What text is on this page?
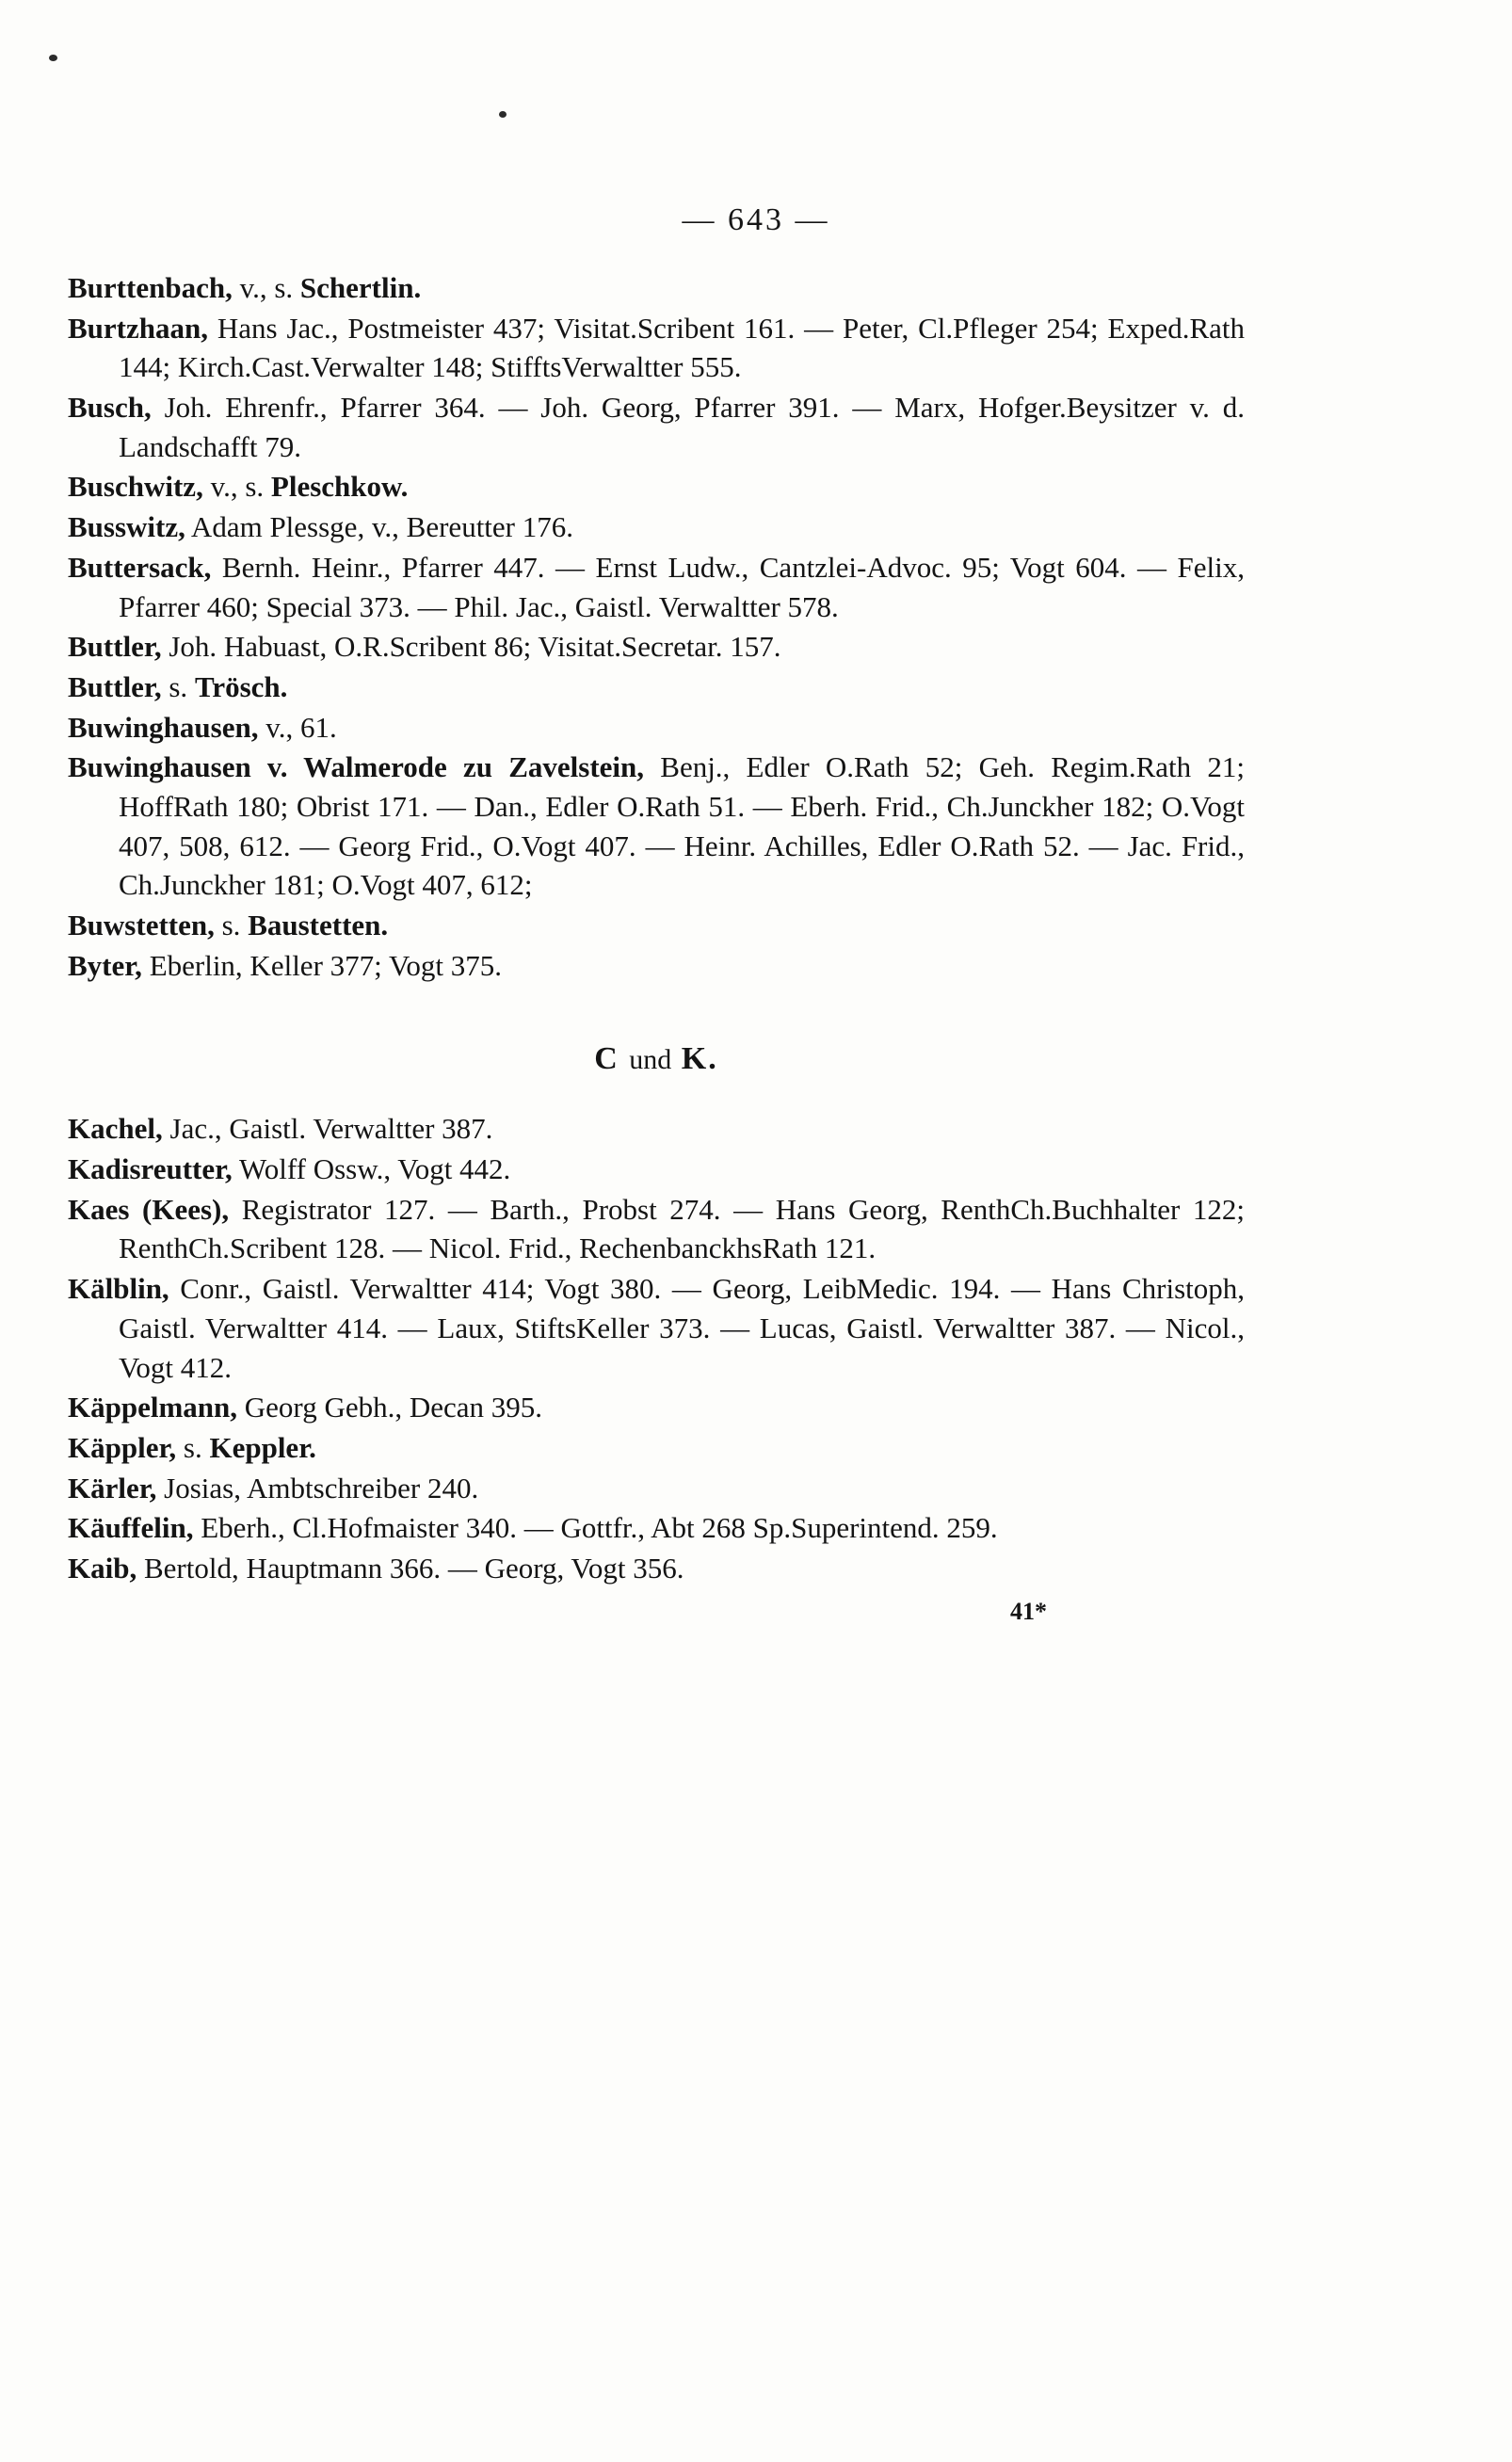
— 643 —

Burttenbach, v., s. Schertlin.

Burtzhaan, Hans Jac., Postmeister 437; Visitat.Scribent 161. — Peter, Cl.Pfleger 254; Exped.Rath 144; Kirch.Cast.Verwalter 148; StifftsVerwaltter 555.

Busch, Joh. Ehrenfr., Pfarrer 364. — Joh. Georg, Pfarrer 391. — Marx, Hofger.Beysitzer v. d. Landschafft 79.

Buschwitz, v., s. Pleschkow.

Busswitz, Adam Plessge, v., Bereutter 176.

Buttersack, Bernh. Heinr., Pfarrer 447. — Ernst Ludw., Cantzlei-Advoc. 95; Vogt 604. — Felix, Pfarrer 460; Special 373. — Phil. Jac., Gaistl. Verwaltter 578.

Buttler, Joh. Habuast, O.R.Scribent 86; Visitat.Secretar. 157.

Buttler, s. Trösch.

Buwinghausen, v., 61.

Buwinghausen v. Walmerode zu Zavelstein, Benj., Edler O.Rath 52; Geh. Regim.Rath 21; HoffRath 180; Obrist 171. — Dan., Edler O.Rath 51. — Eberh. Frid., Ch.Junckher 182; O.Vogt 407, 508, 612. — Georg Frid., O.Vogt 407. — Heinr. Achilles, Edler O.Rath 52. — Jac. Frid., Ch.Junckher 181; O.Vogt 407, 612;

Buwstetten, s. Baustetten.

Byter, Eberlin, Keller 377; Vogt 375.

C und K.

Kachel, Jac., Gaistl. Verwaltter 387.

Kadisreutter, Wolff Ossw., Vogt 442.

Kaes (Kees), Registrator 127. — Barth., Probst 274. — Hans Georg, RenthCh.Buchhalter 122; RenthCh.Scribent 128. — Nicol. Frid., RechenbanckhsRath 121.

Kälblin, Conr., Gaistl. Verwaltter 414; Vogt 380. — Georg, LeibMedic. 194. — Hans Christoph, Gaistl. Verwaltter 414. — Laux, StiftsKeller 373. — Lucas, Gaistl. Verwaltter 387. — Nicol., Vogt 412.

Käppelmann, Georg Gebh., Decan 395.

Käppler, s. Keppler.

Kärler, Josias, Ambtschreiber 240.

Käuffelin, Eberh., Cl.Hofmaister 340. — Gottfr., Abt 268 Sp.Superintend. 259.

Kaib, Bertold, Hauptmann 366. — Georg, Vogt 356.

41*
